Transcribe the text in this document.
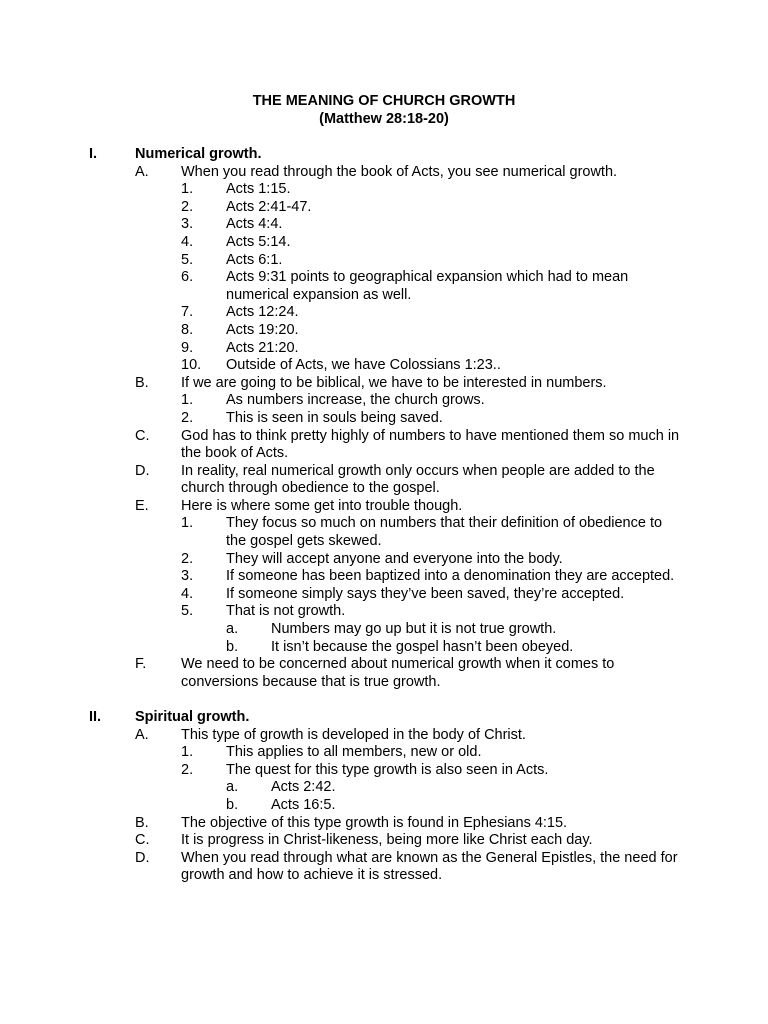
THE MEANING OF CHURCH GROWTH
(Matthew 28:18-20)
I.	Numerical growth.
A. When you read through the book of Acts, you see numerical growth.
1. Acts 1:15.
2. Acts 2:41-47.
3. Acts 4:4.
4. Acts 5:14.
5. Acts 6:1.
6. Acts 9:31 points to geographical expansion which had to mean numerical expansion as well.
7. Acts 12:24.
8. Acts 19:20.
9. Acts 21:20.
10. Outside of Acts, we have Colossians 1:23..
B. If we are going to be biblical, we have to be interested in numbers.
1. As numbers increase, the church grows.
2. This is seen in souls being saved.
C. God has to think pretty highly of numbers to have mentioned them so much in the book of Acts.
D. In reality, real numerical growth only occurs when people are added to the church through obedience to the gospel.
E. Here is where some get into trouble though.
1. They focus so much on numbers that their definition of obedience to the gospel gets skewed.
2. They will accept anyone and everyone into the body.
3. If someone has been baptized into a denomination they are accepted.
4. If someone simply says they’ve been saved, they’re accepted.
5. That is not growth.
a. Numbers may go up but it is not true growth.
b. It isn’t because the gospel hasn’t been obeyed.
F. We need to be concerned about numerical growth when it comes to conversions because that is true growth.
II. Spiritual growth.
A. This type of growth is developed in the body of Christ.
1. This applies to all members, new or old.
2. The quest for this type growth is also seen in Acts.
a. Acts 2:42.
b. Acts 16:5.
B. The objective of this type growth is found in Ephesians 4:15.
C. It is progress in Christ-likeness, being more like Christ each day.
D. When you read through what are known as the General Epistles, the need for growth and how to achieve it is stressed.
